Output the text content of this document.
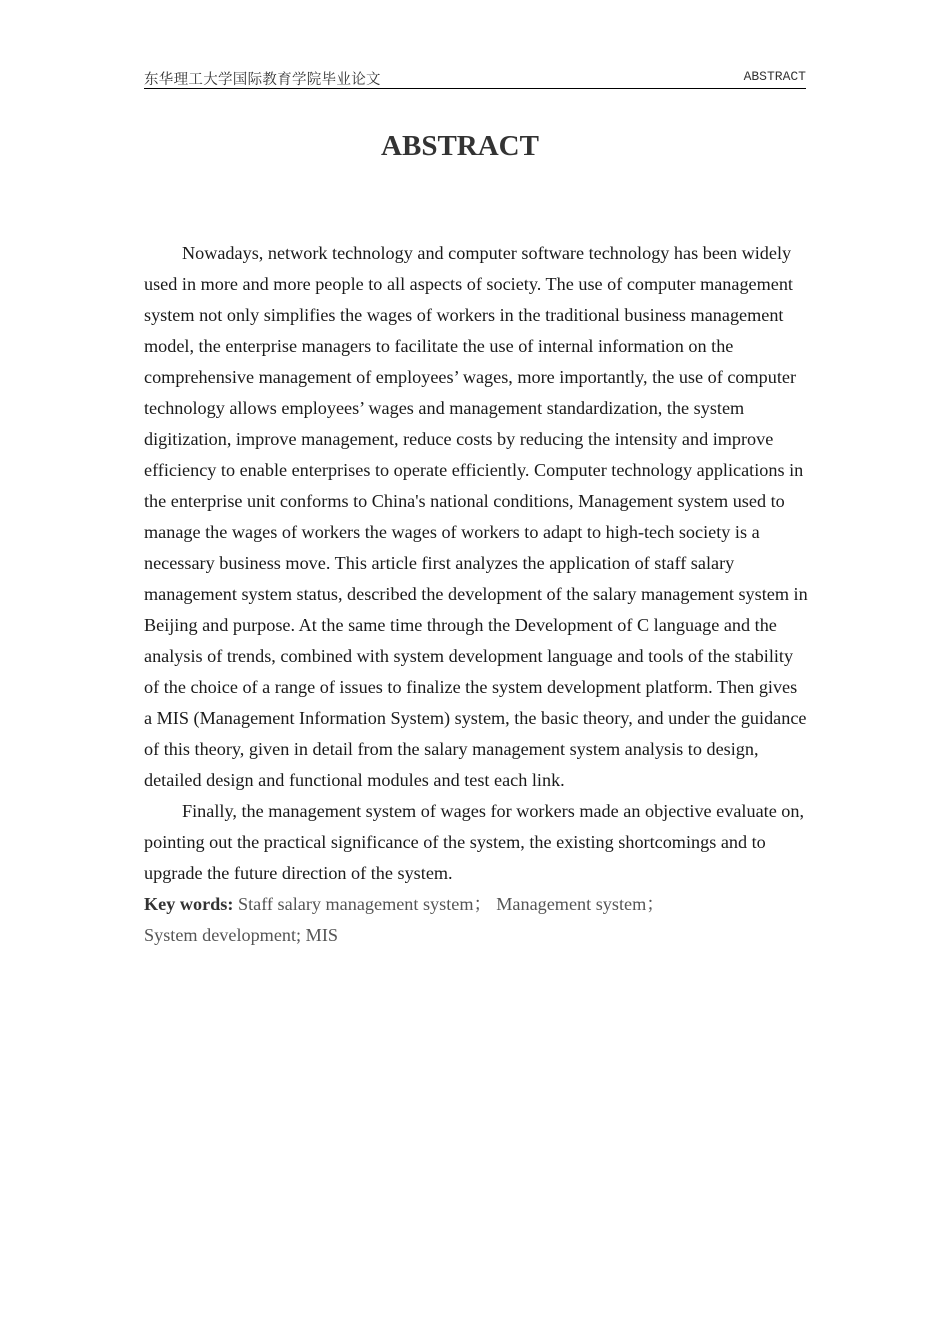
东华理工大学国际教育学院毕业论文	ABSTRACT
ABSTRACT

Nowadays, network technology and computer software technology has been widely used in more and more people to all aspects of society. The use of computer management system not only simplifies the wages of workers in the traditional business management model, the enterprise managers to facilitate the use of internal information on the comprehensive management of employees’ wages, more importantly, the use of computer technology allows employees’ wages and management standardization, the system digitization, improve management, reduce costs by reducing the intensity and improve efficiency to enable enterprises to operate efficiently. Computer technology applications in the enterprise unit conforms to China's national conditions, Management system used to manage the wages of workers the wages of workers to adapt to high-tech society is a necessary business move. This article first analyzes the application of staff salary management system status, described the development of the salary management system in Beijing and purpose. At the same time through the Development of C language and the analysis of trends, combined with system development language and tools of the stability of the choice of a range of issues to finalize the system development platform. Then gives a MIS (Management Information System) system, the basic theory, and under the guidance of this theory, given in detail from the salary management system analysis to design, detailed design and functional modules and test each link.

Finally, the management system of wages for workers made an objective evaluate on, pointing out the practical significance of the system, the existing shortcomings and to upgrade the future direction of the system.

Key words: Staff salary management system； Management system；
System development; MIS
